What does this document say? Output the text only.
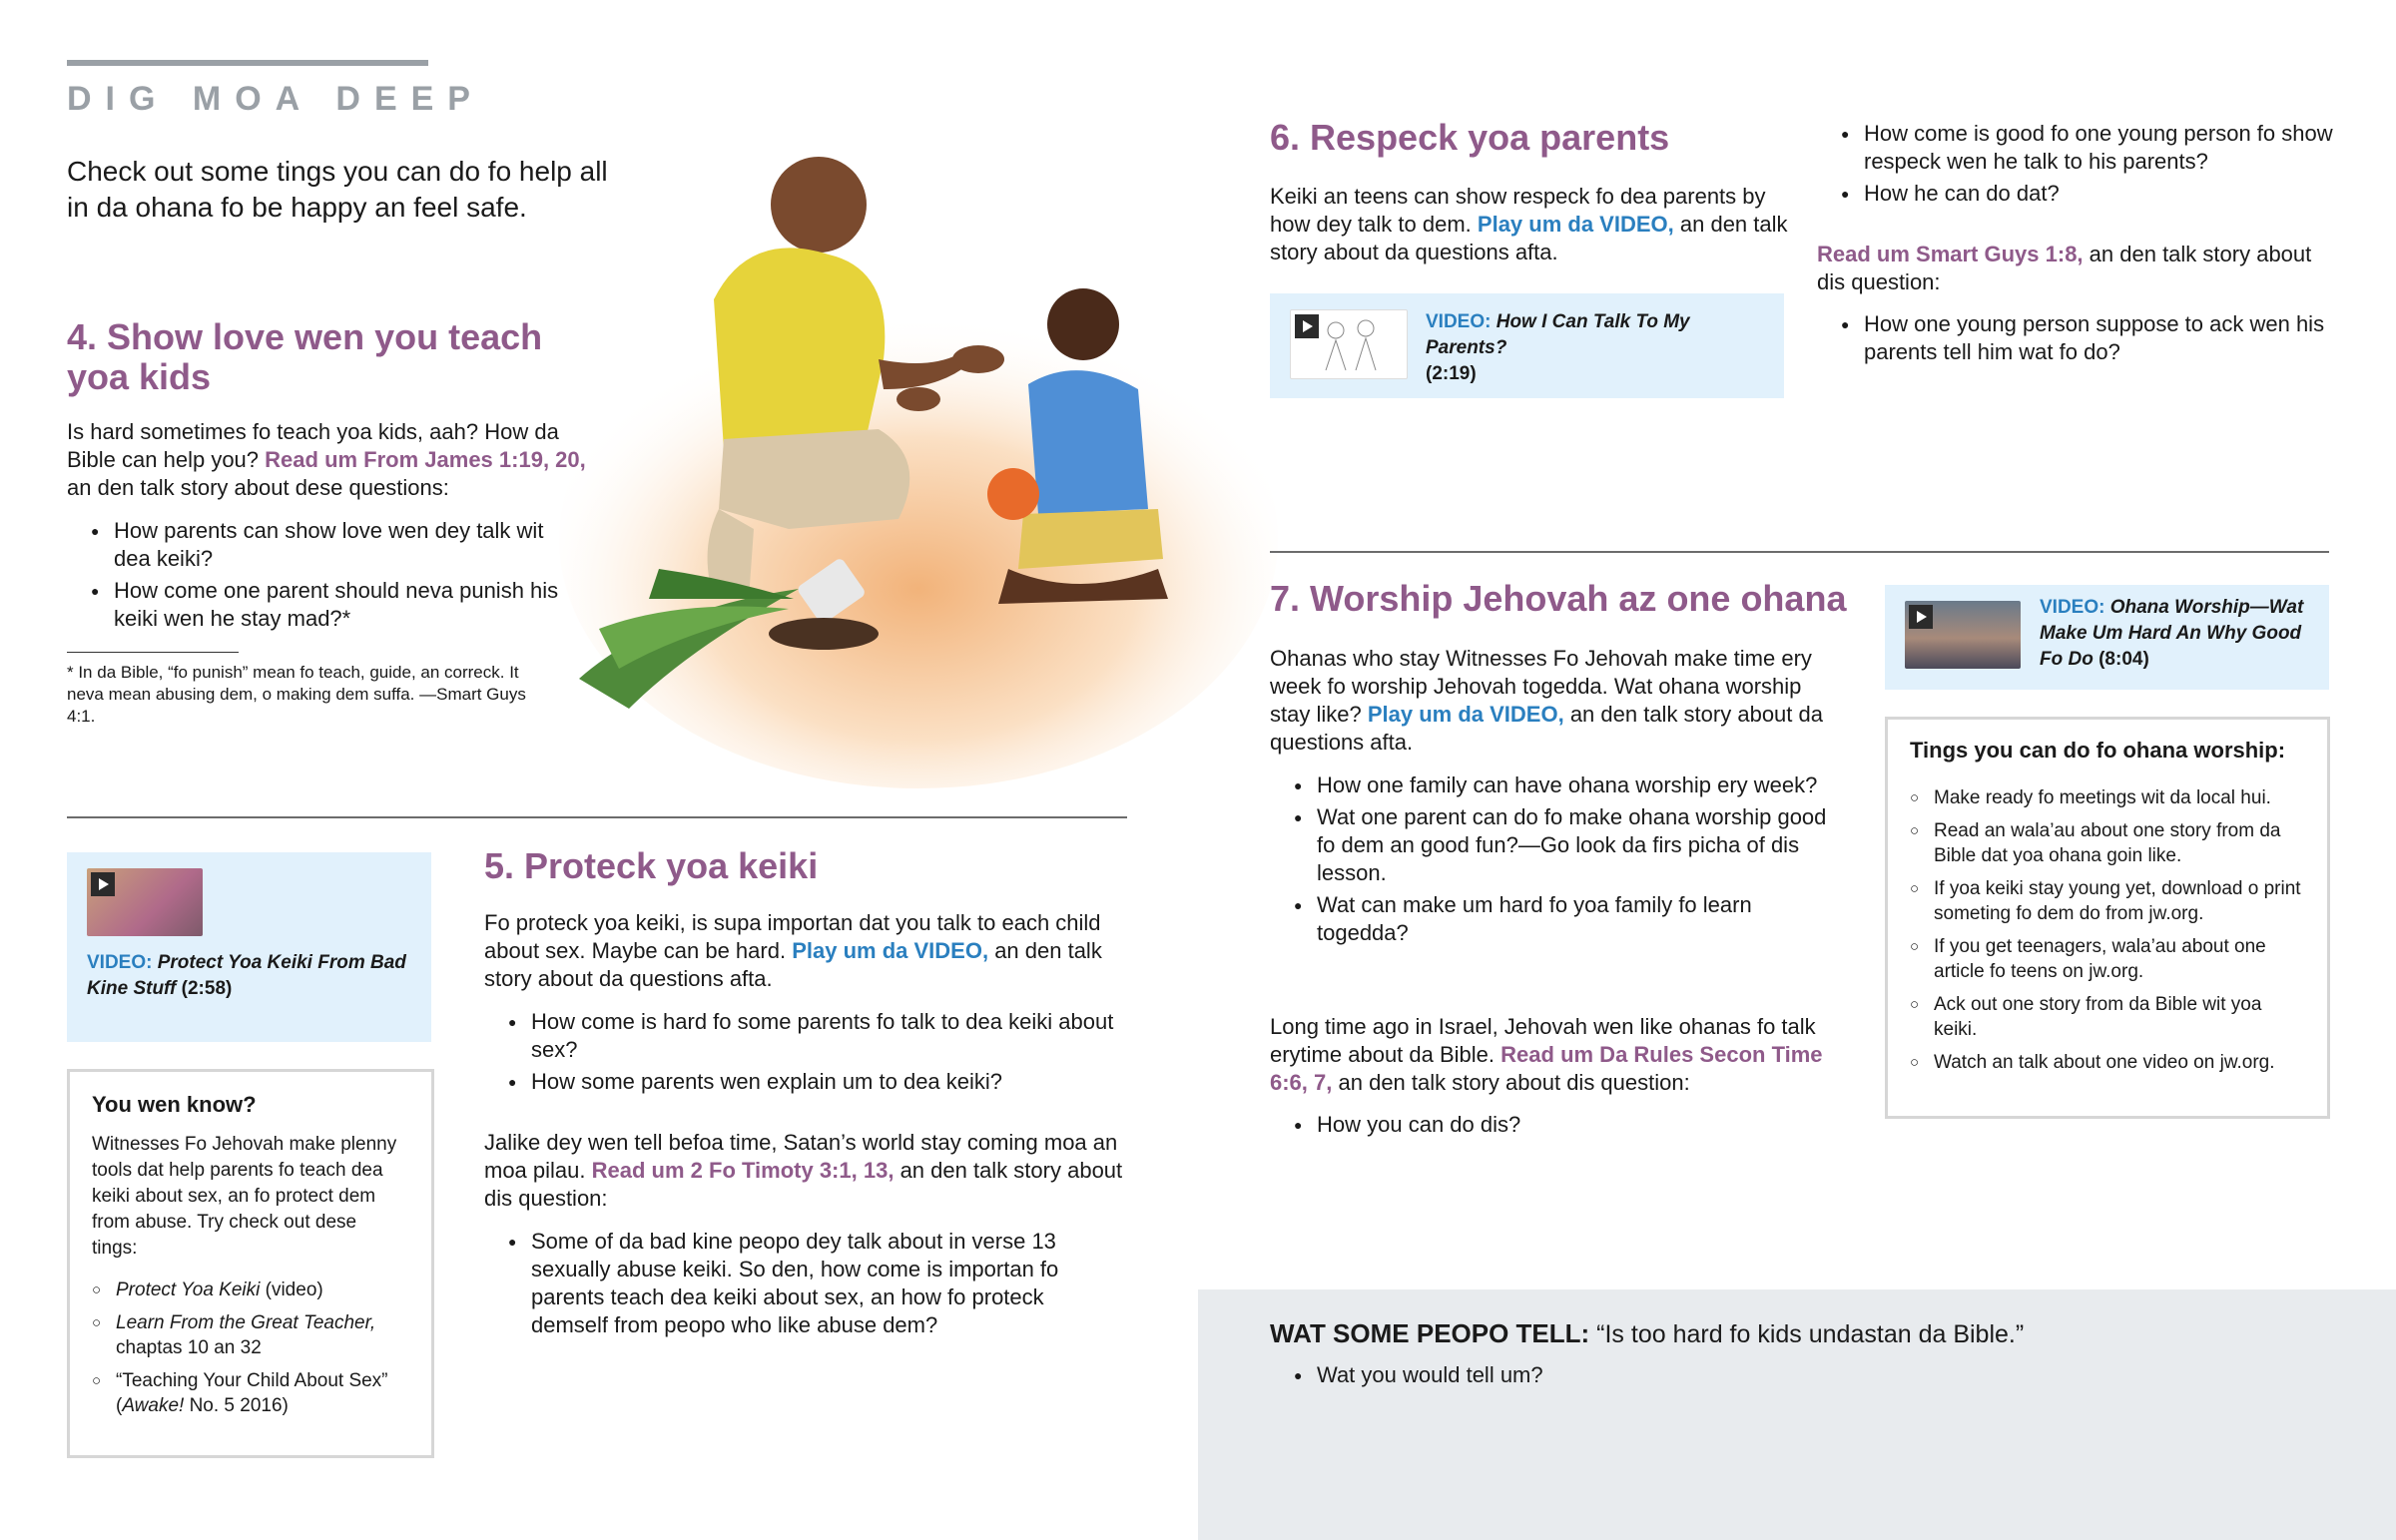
DIG MOA DEEP
Check out some tings you can do fo help all in da ohana fo be happy an feel safe.
4. Show love wen you teach yoa kids

Is hard sometimes fo teach yoa kids, aah? How da Bible can help you? Read um From James 1:19, 20, an den talk story about dese questions:

● How parents can show love wen dey talk wit dea keiki?
● How come one parent should neva punish his keiki wen he stay mad?*
* In da Bible, “fo punish” mean fo teach, guide, an correck. It neva mean abusing dem, o making dem suffa. —Smart Guys 4:1.
VIDEO: Protect Yoa Keiki From Bad Kine Stuff (2:58)
You wen know?
Witnesses Fo Jehovah make plenny tools dat help parents fo teach dea keiki about sex, an fo protect dem from abuse. Try check out dese tings:
○ Protect Yoa Keiki (video)
○ Learn From the Great Teacher, chaptas 10 an 32
○ “Teaching Your Child About Sex” (Awake! No. 5 2016)
5. Proteck yoa keiki

Fo proteck yoa keiki, is supa importan dat you talk to each child about sex. Maybe can be hard. Play um da VIDEO, an den talk story about da questions afta.

● How come is hard fo some parents fo talk to dea keiki about sex?
● How some parents wen explain um to dea keiki?

Jalike dey wen tell befoa time, Satan’s world stay coming moa an moa pilau. Read um 2 Fo Timoty 3:1, 13, an den talk story about dis question:

● Some of da bad kine peopo dey talk about in verse 13 sexually abuse keiki. So den, how come is importan fo parents teach dea keiki about sex, an how fo proteck demself from peopo who like abuse dem?
6. Respeck yoa parents

Keiki an teens can show respeck fo dea parents by how dey talk to dem. Play um da VIDEO, an den talk story about da questions afta.

VIDEO: How I Can Talk To My Parents?
(2:19)
● How come is good fo one young person fo show respeck wen he talk to his parents?
● How he can do dat?

Read um Smart Guys 1:8, an den talk story about dis question:

● How one young person suppose to ack wen his parents tell him wat fo do?
7. Worship Jehovah az one ohana

Ohanas who stay Witnesses Fo Jehovah make time ery week fo worship Jehovah togedda. Wat ohana worship stay like? Play um da VIDEO, an den talk story about da questions afta.

● How one family can have ohana worship ery week?
● Wat one parent can do fo make ohana worship good fo dem an good fun?—Go look da firs picha of dis lesson.
● Wat can make um hard fo yoa family fo learn togedda?

Long time ago in Israel, Jehovah wen like ohanas fo talk erytime about da Bible. Read um Da Rules Secon Time 6:6, 7, an den talk story about dis question:

● How you can do dis?
VIDEO: Ohana Worship—Wat Make Um Hard An Why Good Fo Do (8:04)
Tings you can do fo ohana worship:
○ Make ready fo meetings wit da local hui.
○ Read an wala’au about one story from da Bible dat yoa ohana goin like.
○ If yoa keiki stay young yet, download o print someting fo dem do from jw.org.
○ If you get teenagers, wala’au about one article fo teens on jw.org.
○ Ack out one story from da Bible wit yoa keiki.
○ Watch an talk about one video on jw.org.
WAT SOME PEOPO TELL: “Is too hard fo kids undastan da Bible.”
● Wat you would tell um?
